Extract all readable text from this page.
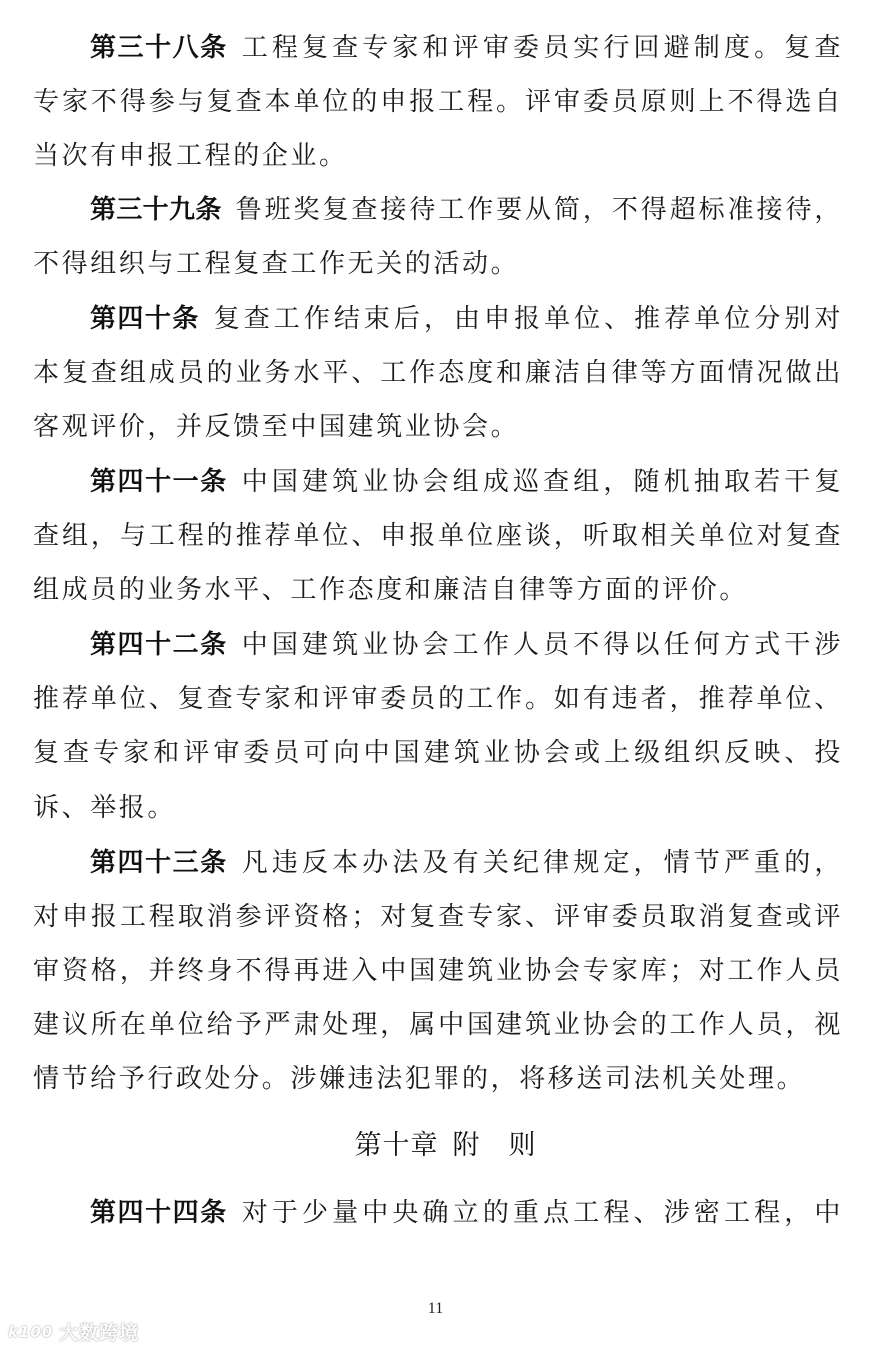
第三十八条 工程复查专家和评审委员实行回避制度。复查
专家不得参与复查本单位的申报工程。评审委员原则上不得选自
当次有申报工程的企业。
第三十九条 鲁班奖复查接待工作要从简，不得超标准接待，
不得组织与工程复查工作无关的活动。
第四十条 复查工作结束后，由申报单位、推荐单位分别对
本复查组成员的业务水平、工作态度和廉洁自律等方面情况做出
客观评价，并反馈至中国建筑业协会。
第四十一条 中国建筑业协会组成巡查组，随机抽取若干复
查组，与工程的推荐单位、申报单位座谈，听取相关单位对复查
组成员的业务水平、工作态度和廉洁自律等方面的评价。
第四十二条 中国建筑业协会工作人员不得以任何方式干涉
推荐单位、复查专家和评审委员的工作。如有违者，推荐单位、
复查专家和评审委员可向中国建筑业协会或上级组织反映、投
诉、举报。
第四十三条 凡违反本办法及有关纪律规定，情节严重的，
对申报工程取消参评资格；对复查专家、评审委员取消复查或评
审资格，并终身不得再进入中国建筑业协会专家库；对工作人员
建议所在单位给予严肃处理，属中国建筑业协会的工作人员，视
情节给予行政处分。涉嫌违法犯罪的，将移送司法机关处理。
第十章 附 则
第四十四条 对于少量中央确立的重点工程、涉密工程，中
11
k100 大数跨境
